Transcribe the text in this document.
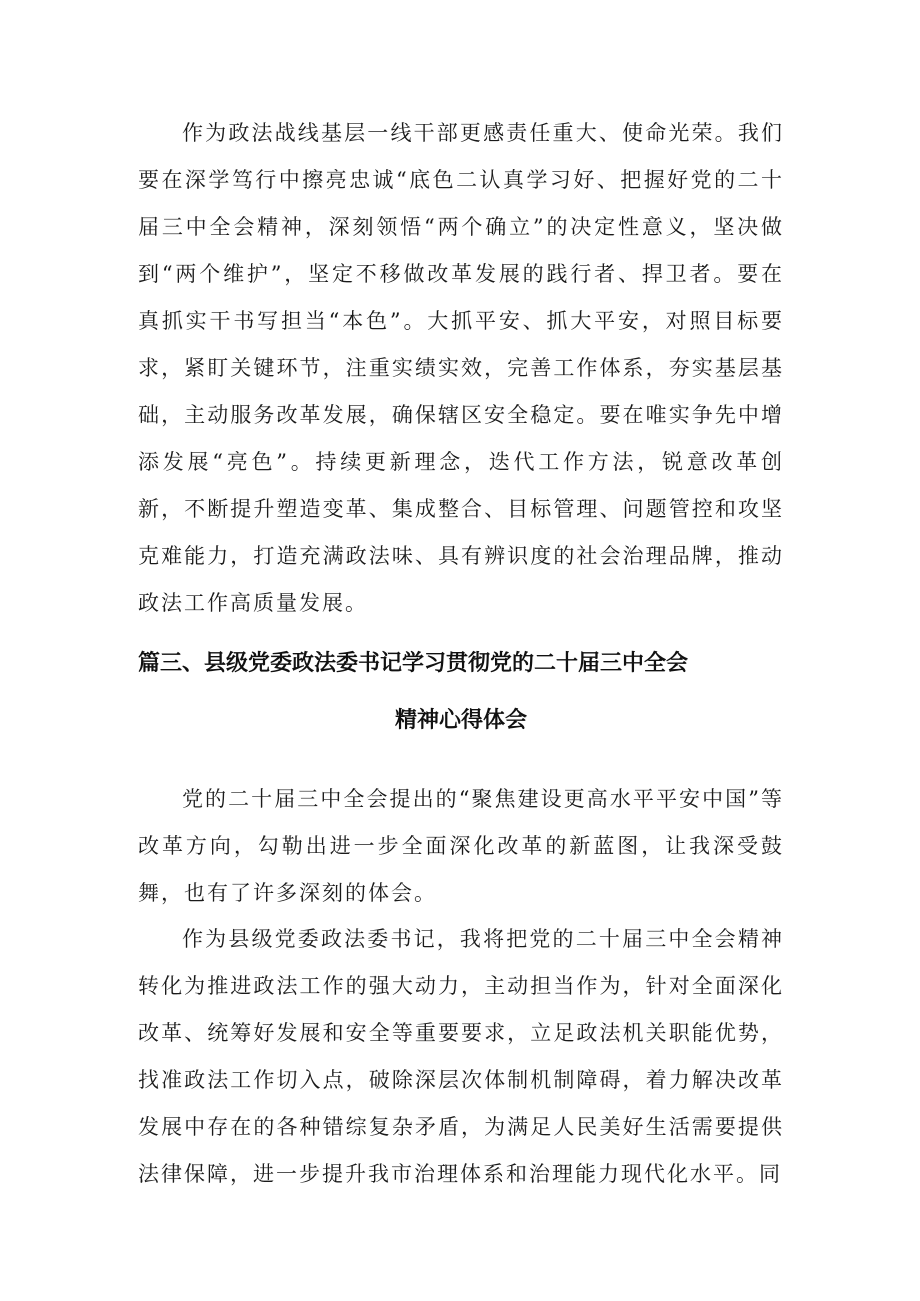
作为政法战线基层一线干部更感责任重大、使命光荣。我们要在深学笃行中擦亮忠诚“底色二认真学习好、把握好党的二十届三中全会精神，深刻领悟“两个确立”的决定性意义，坚决做到“两个维护”，坚定不移做改革发展的践行者、捍卫者。要在真抓实干书写担当“本色”。大抓平安、抓大平安，对照目标要求，紧盯关键环节，注重实绩实效，完善工作体系，夯实基层基础，主动服务改革发展，确保辖区安全稳定。要在唯实争先中增添发展“亮色”。持续更新理念，迭代工作方法，锐意改革创新，不断提升塑造变革、集成整合、目标管理、问题管控和攻坚克难能力，打造充满政法味、具有辨识度的社会治理品牌，推动政法工作高质量发展。

篇三、县级党委政法委书记学习贯彻党的二十届三中全会
精神心得体会

党的二十届三中全会提出的“聚焦建设更高水平平安中国”等改革方向，勾勒出进一步全面深化改革的新蓝图，让我深受鼓舞，也有了许多深刻的体会。

作为县级党委政法委书记，我将把党的二十届三中全会精神转化为推进政法工作的强大动力，主动担当作为，针对全面深化改革、统筹好发展和安全等重要要求，立足政法机关职能优势，找准政法工作切入点，破除深层次体制机制障碍，着力解决改革发展中存在的各种错综复杂矛盾，为满足人民美好生活需要提供法律保障，进一步提升我市治理体系和治理能力现代化水平。同
